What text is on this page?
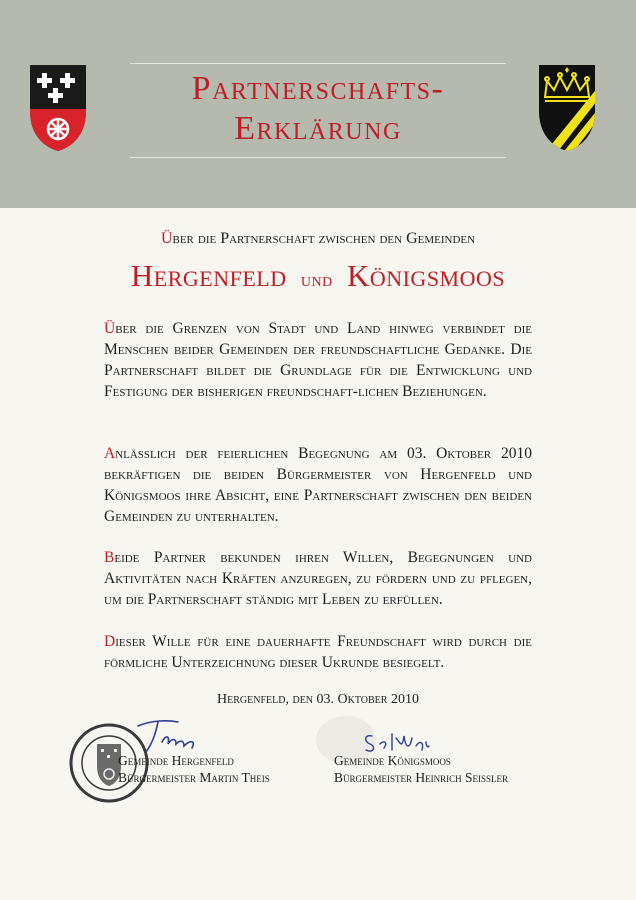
Partnerschafts-
Erklärung
Über die Partnerschaft zwischen den Gemeinden
Hergenfeld und Königsmoos
Über die Grenzen von Stadt und Land hinweg verbindet die Menschen beider Gemeinden der freundschaftliche Gedanke. Die Partnerschaft bildet die Grundlage für die Entwicklung und Festigung der bisherigen freundschaft-lichen Beziehungen.
Anlässlich der feierlichen Begegnung am 03. Oktober 2010 bekräftigen die beiden Bürgermeister von Hergenfeld und Königsmoos ihre Absicht, eine Partnerschaft zwischen den beiden Gemeinden zu unterhalten.
Beide Partner bekunden ihren Willen, Begegnungen und Aktivitäten nach Kräften anzuregen, zu fördern und zu pflegen, um die Partnerschaft ständig mit Leben zu erfüllen.
Dieser Wille für eine dauerhafte Freundschaft wird durch die förmliche Unterzeichnung dieser Ukrunde besiegelt.
Hergenfeld, den 03. Oktober 2010
Gemeinde Hergenfeld
Bürgermeister Martin Theis
Gemeinde Königsmoos
Bürgermeister Heinrich Seißler
